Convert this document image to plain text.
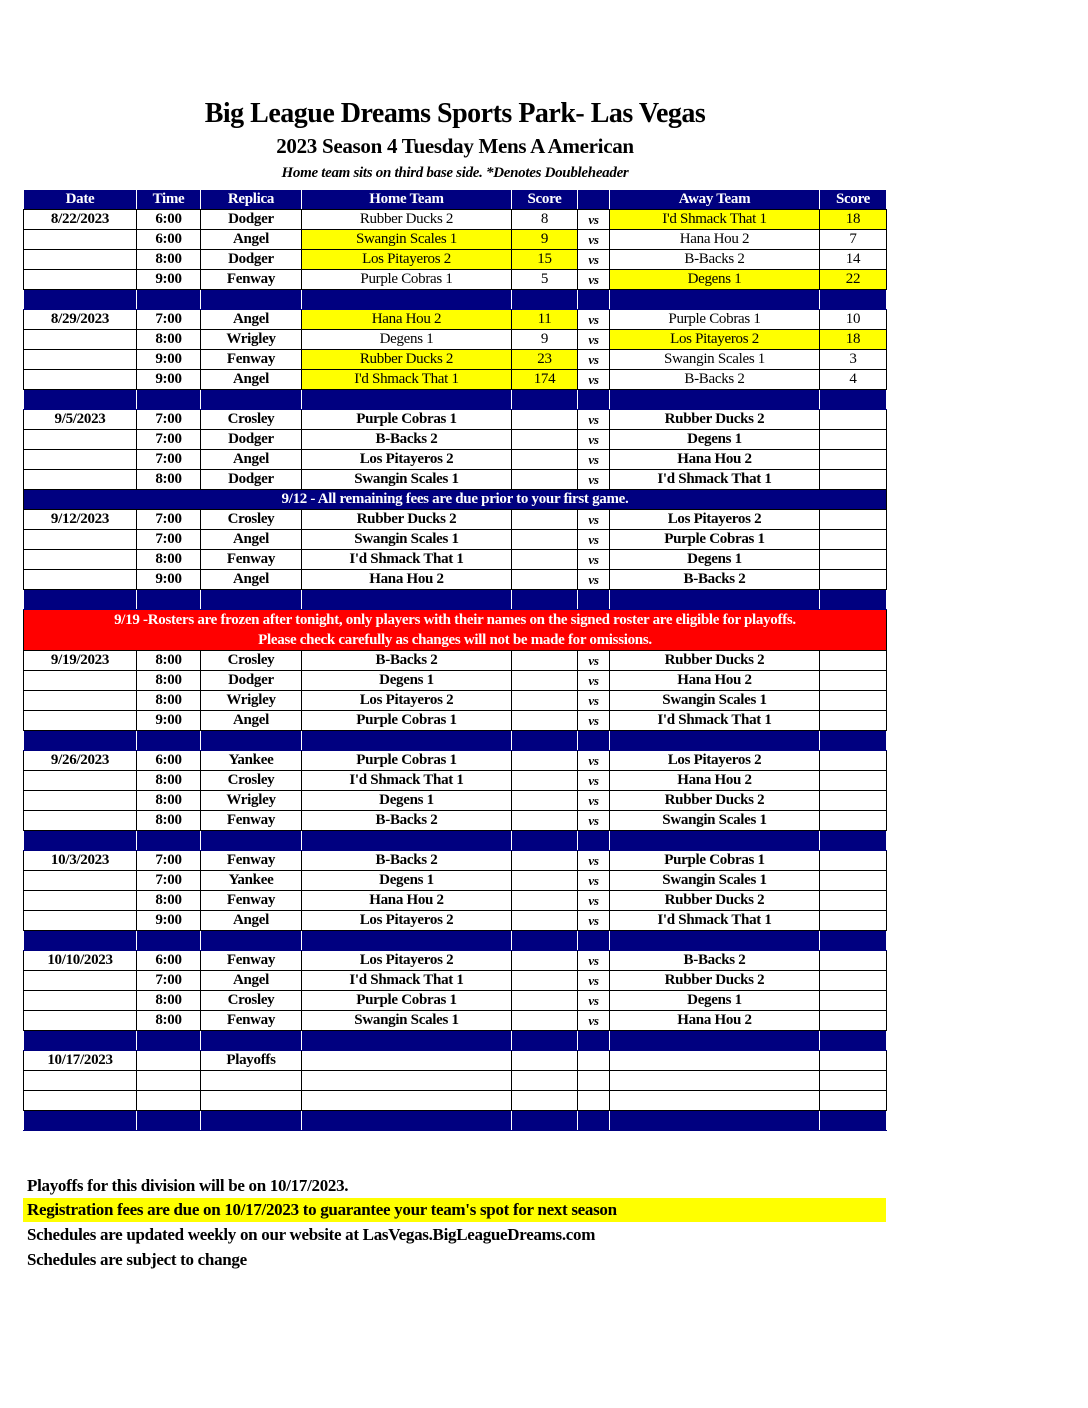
Big League Dreams Sports Park- Las Vegas
2023 Season 4 Tuesday Mens A American
Home team sits on third base side. *Denotes Doubleheader
Date	Time	Replica	Home Team	Score		Away Team	Score
8/22/2023	6:00	Dodger	Rubber Ducks 2	8	vs	I'd Shmack That 1	18
	6:00	Angel	Swangin Scales 1	9	vs	Hana Hou 2	7
	8:00	Dodger	Los Pitayeros 2	15	vs	B-Backs 2	14
	9:00	Fenway	Purple Cobras 1	5	vs	Degens 1	22

8/29/2023	7:00	Angel	Hana Hou 2	11	vs	Purple Cobras 1	10
	8:00	Wrigley	Degens 1	9	vs	Los Pitayeros 2	18
	9:00	Fenway	Rubber Ducks 2	23	vs	Swangin Scales 1	3
	9:00	Angel	I'd Shmack That 1	174	vs	B-Backs 2	4

9/5/2023	7:00	Crosley	Purple Cobras 1		vs	Rubber Ducks 2	
	7:00	Dodger	B-Backs 2		vs	Degens 1	
	7:00	Angel	Los Pitayeros 2		vs	Hana Hou 2	
	8:00	Dodger	Swangin Scales 1		vs	I'd Shmack That 1	
9/12 - All remaining fees are due prior to your first game.							
9/12/2023	7:00	Crosley	Rubber Ducks 2		vs	Los Pitayeros 2	
	7:00	Angel	Swangin Scales 1		vs	Purple Cobras 1	
	8:00	Fenway	I'd Shmack That 1		vs	Degens 1	
	9:00	Angel	Hana Hou 2		vs	B-Backs 2	

9/19 -Rosters are frozen after tonight, only players with their names on the signed roster are eligible for playoffs.
Please check carefully as changes will not be made for omissions.							

9/19/2023	8:00	Crosley	B-Backs 2		vs	Rubber Ducks 2	
	8:00	Dodger	Degens 1		vs	Hana Hou 2	
	8:00	Wrigley	Los Pitayeros 2		vs	Swangin Scales 1	
	9:00	Angel	Purple Cobras 1		vs	I'd Shmack That 1	

9/26/2023	6:00	Yankee	Purple Cobras 1		vs	Los Pitayeros 2	
	8:00	Crosley	I'd Shmack That 1		vs	Hana Hou 2	
	8:00	Wrigley	Degens 1		vs	Rubber Ducks 2	
	8:00	Fenway	B-Backs 2		vs	Swangin Scales 1	

10/3/2023	7:00	Fenway	B-Backs 2		vs	Purple Cobras 1	
	7:00	Yankee	Degens 1		vs	Swangin Scales 1	
	8:00	Fenway	Hana Hou 2		vs	Rubber Ducks 2	
	9:00	Angel	Los Pitayeros 2		vs	I'd Shmack That 1	

10/10/2023	6:00	Fenway	Los Pitayeros 2		vs	B-Backs 2	
	7:00	Angel	I'd Shmack That 1		vs	Rubber Ducks 2	
	8:00	Crosley	Purple Cobras 1		vs	Degens 1	
	8:00	Fenway	Swangin Scales 1		vs	Hana Hou 2	

10/17/2023		Playoffs					

Playoffs for this division will be on 10/17/2023.
Registration fees are due on 10/17/2023 to guarantee your team's spot for next season
Schedules are updated weekly on our website at LasVegas.BigLeagueDreams.com
Schedules are subject to change
